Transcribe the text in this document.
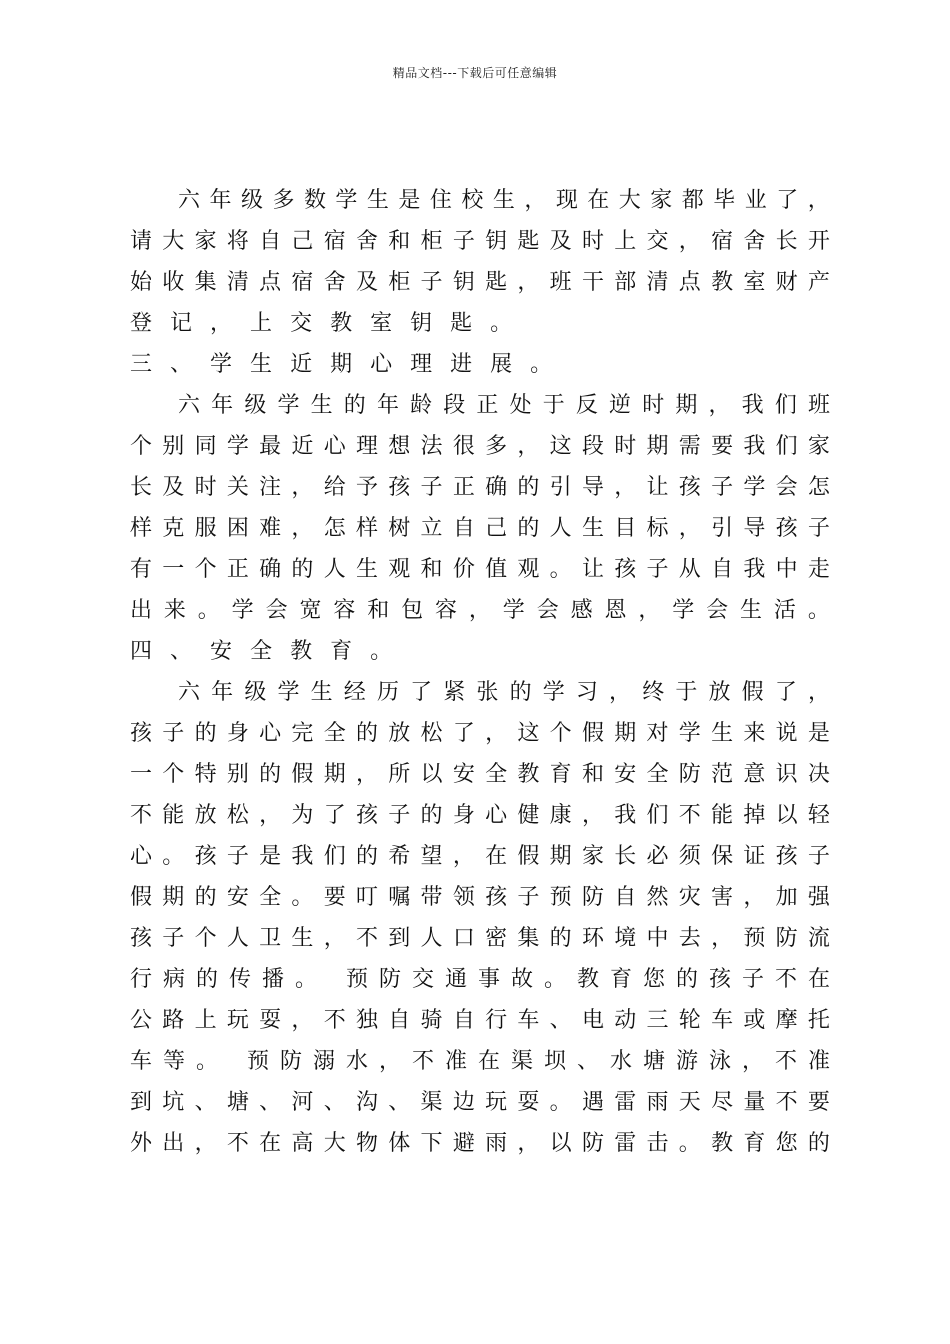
精品文档---下载后可任意编辑
六 年 级 多 数 学 生 是 住 校 生 ， 现 在 大 家 都 毕 业 了 ，
请 大 家 将 自 己 宿 舍 和 柜 子 钥 匙 及 时 上 交 ， 宿 舍 长 开
始 收 集 清 点 宿 舍 及 柜 子 钥 匙 ， 班 干 部 清 点 教 室 财 产
登 记 ， 上 交 教 室 钥 匙 。
三 、 学 生 近 期 心 理 进 展 。
六 年 级 学 生 的 年 龄 段 正 处 于 反 逆 时 期 ， 我 们 班
个 别 同 学 最 近 心 理 想 法 很 多 ， 这 段 时 期 需 要 我 们 家
长 及 时 关 注 ， 给 予 孩 子 正 确 的 引 导 ， 让 孩 子 学 会 怎
样 克 服 困 难 ， 怎 样 树 立 自 己 的 人 生 目 标 ， 引 导 孩 子
有 一 个 正 确 的 人 生 观 和 价 值 观 。 让 孩 子 从 自 我 中 走
出 来 。 学 会 宽 容 和 包 容 ， 学 会 感 恩 ， 学 会 生 活 。
四 、 安 全 教 育 。
六 年 级 学 生 经 历 了 紧 张 的 学 习 ， 终 于 放 假 了 ，
孩 子 的 身 心 完 全 的 放 松 了 ， 这 个 假 期 对 学 生 来 说 是
一 个 特 别 的 假 期 ， 所 以 安 全 教 育 和 安 全 防 范 意 识 决
不 能 放 松 ， 为 了 孩 子 的 身 心 健 康 ， 我 们 不 能 掉 以 轻
心 。 孩 子 是 我 们 的 希 望 ， 在 假 期 家 长 必 须 保 证 孩 子
假 期 的 安 全 。 要 叮 嘱 带 领 孩 子 预 防 自 然 灾 害 ， 加 强
孩 子 个 人 卫 生 ， 不 到 人 口 密 集 的 环 境 中 去 ， 预 防 流
行 病 的 传 播 。
预 防 交 通 事 故 。 教 育 您 的 孩 子 不 在
公 路 上 玩 耍 ， 不 独 自 骑 自 行 车 、 电 动 三 轮 车 或 摩 托
车 等 。
预 防 溺 水 ， 不 准 在 渠 坝 、 水 塘 游 泳 ， 不 准
到 坑 、 塘 、 河 、 沟 、 渠 边 玩 耍 。 遇 雷 雨 天 尽 量 不 要
外 出 ， 不 在 高 大 物 体 下 避 雨 ， 以 防 雷 击 。 教 育 您 的
